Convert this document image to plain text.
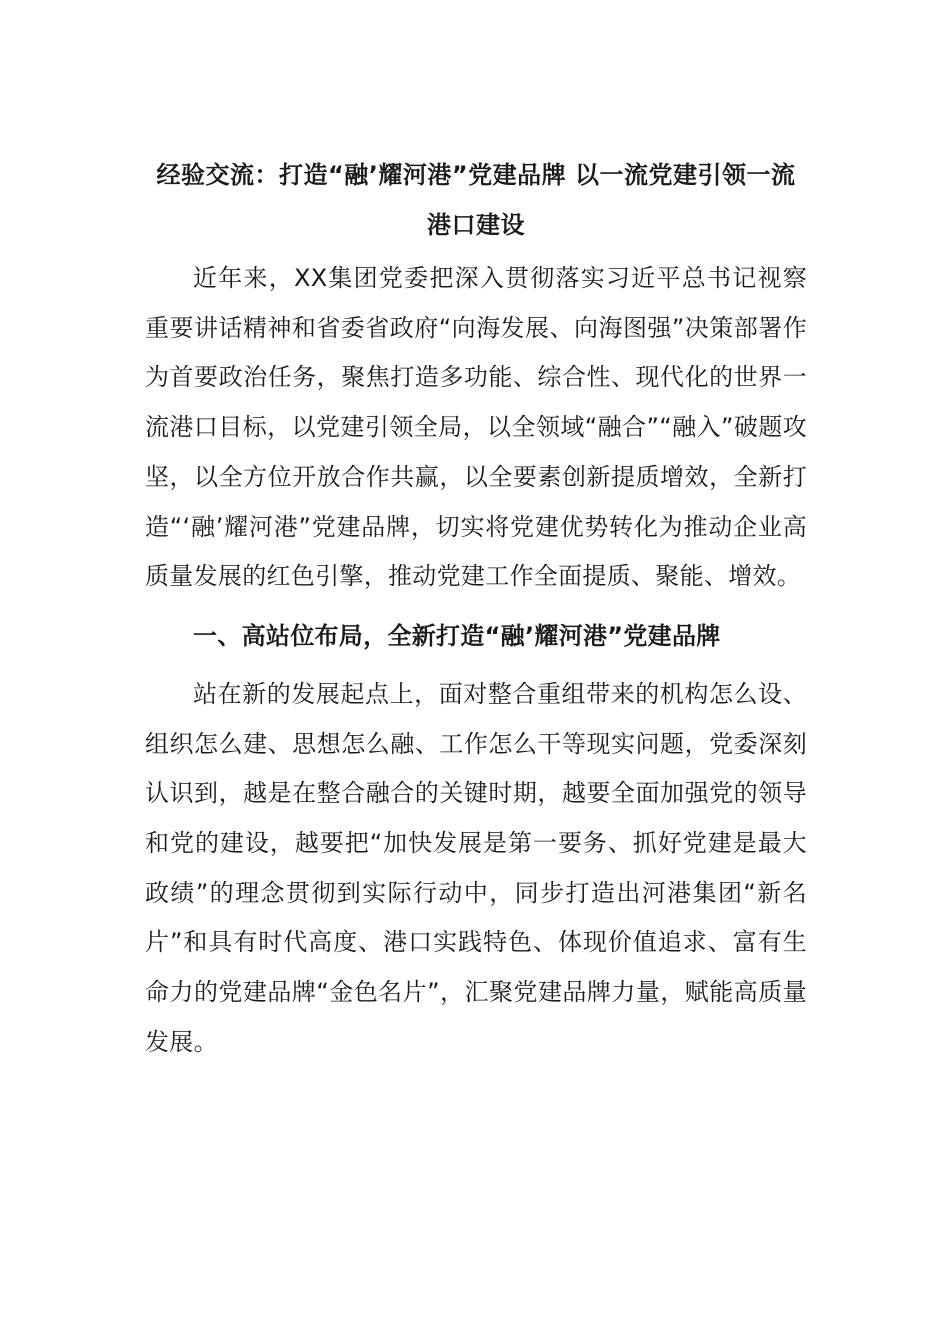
经验交流：打造“融’耀河港”党建品牌 以一流党建引领一流港口建设

近年来，XX集团党委把深入贯彻落实习近平总书记视察重要讲话精神和省委省政府“向海发展、向海图强”决策部署作为首要政治任务，聚焦打造多功能、综合性、现代化的世界一流港口目标，以党建引领全局，以全领域“融合”“融入”破题攻坚，以全方位开放合作共赢，以全要素创新提质增效，全新打造“‘融’耀河港”党建品牌，切实将党建优势转化为推动企业高质量发展的红色引擎，推动党建工作全面提质、聚能、增效。

一、高站位布局，全新打造“融’耀河港”党建品牌

站在新的发展起点上，面对整合重组带来的机构怎么设、组织怎么建、思想怎么融、工作怎么干等现实问题，党委深刻认识到，越是在整合融合的关键时期，越要全面加强党的领导和党的建设，越要把“加快发展是第一要务、抓好党建是最大政绩”的理念贯彻到实际行动中，同步打造出河港集团“新名片”和具有时代高度、港口实践特色、体现价值追求、富有生命力的党建品牌“金色名片”，汇聚党建品牌力量，赋能高质量发展。
